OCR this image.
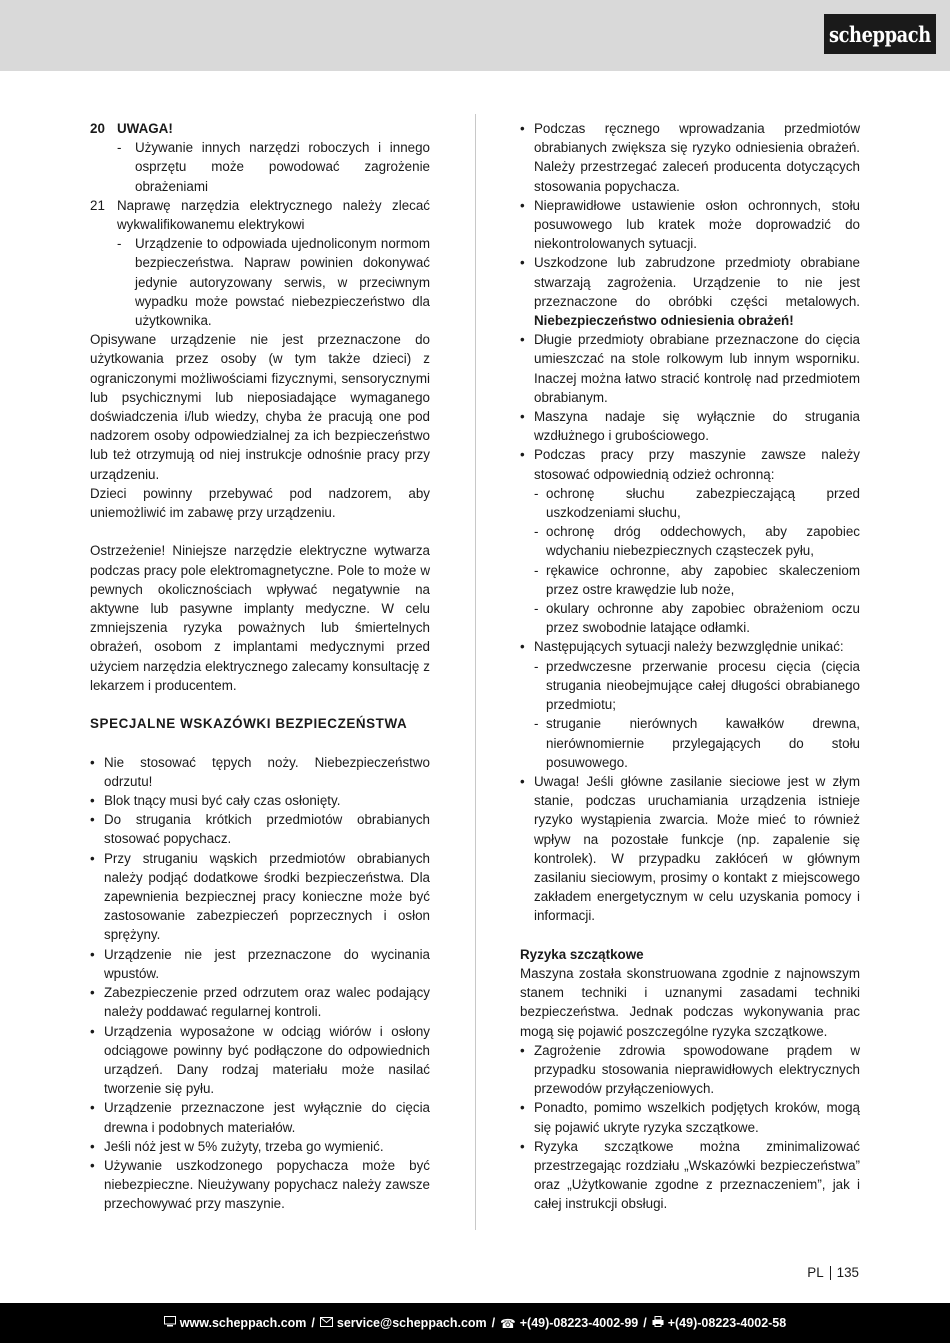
scheppach
20 UWAGA!
-	Używanie innych narzędzi roboczych i innego osprzętu może powodować zagrożenie obrażeniami
21 Naprawę narzędzia elektrycznego należy zlecać wykwalifikowanemu elektrykowi
-	Urządzenie to odpowiada ujednoliconym normom bezpieczeństwa. Napraw powinien dokonywać jedynie autoryzowany serwis, w przeciwnym wypadku może powstać niebezpieczeństwo dla użytkownika.

Opisywane urządzenie nie jest przeznaczone do użytkowania przez osoby (w tym także dzieci) z ograniczonymi możliwościami fizycznymi, sensorycznymi lub psychicznymi lub nieposiadające wymaganego doświadczenia i/lub wiedzy, chyba że pracują one pod nadzorem osoby odpowiedzialnej za ich bezpieczeństwo lub też otrzymują od niej instrukcje odnośnie pracy przy urządzeniu.

Dzieci powinny przebywać pod nadzorem, aby uniemożliwić im zabawę przy urządzeniu.

Ostrzeżenie! Niniejsze narzędzie elektryczne wytwarza podczas pracy pole elektromagnetyczne. Pole to może w pewnych okolicznościach wpływać negatywnie na aktywne lub pasywne implanty medyczne. W celu zmniejszenia ryzyka poważnych lub śmiertelnych obrażeń, osobom z implantami medycznymi przed użyciem narzędzia elektrycznego zalecamy konsultację z lekarzem i producentem.

SPECJALNE WSKAZÓWKI BEZPIECZEŃSTWA

• Nie stosować tępych noży. Niebezpieczeństwo odrzutu!
• Blok tnący musi być cały czas osłonięty.
• Do strugania krótkich przedmiotów obrabianych stosować popychacz.
• Przy struganiu wąskich przedmiotów obrabianych należy podjąć dodatkowe środki bezpieczeństwa. Dla zapewnienia bezpiecznej pracy konieczne może być zastosowanie zabezpieczeń poprzecznych i osłon sprężyny.
• Urządzenie nie jest przeznaczone do wycinania wpustów.
• Zabezpieczenie przed odrzutem oraz walec podający należy poddawać regularnej kontroli.
• Urządzenia wyposażone w odciąg wiórów i osłony odciągowe powinny być podłączone do odpowiednich urządzeń. Dany rodzaj materiału może nasilać tworzenie się pyłu.
• Urządzenie przeznaczone jest wyłącznie do cięcia drewna i podobnych materiałów.
• Jeśli nóż jest w 5% zużyty, trzeba go wymienić.
• Używanie uszkodzonego popychacza może być niebezpieczne. Nieużywany popychacz należy zawsze przechowywać przy maszynie.
• Podczas ręcznego wprowadzania przedmiotów obrabianych zwiększa się ryzyko odniesienia obrażeń. Należy przestrzegać zaleceń producenta dotyczących stosowania popychacza.
• Nieprawidłowe ustawienie osłon ochronnych, stołu posuwowego lub kratek może doprowadzić do niekontrolowanych sytuacji.
• Uszkodzone lub zabrudzone przedmioty obrabiane stwarzają zagrożenia. Urządzenie to nie jest przeznaczone do obróbki części metalowych. Niebezpieczeństwo odniesienia obrażeń!
• Długie przedmioty obrabiane przeznaczone do cięcia umieszczać na stole rolkowym lub innym wsporniku. Inaczej można łatwo stracić kontrolę nad przedmiotem obrabianym.
• Maszyna nadaje się wyłącznie do strugania wzdłużnego i grubościowego.
• Podczas pracy przy maszynie zawsze należy stosować odpowiednią odzież ochronną:
- ochronę słuchu zabezpieczającą przed uszkodzeniami słuchu,
- ochronę dróg oddechowych, aby zapobiec wdychaniu niebezpiecznych cząsteczek pyłu,
- rękawice ochronne, aby zapobiec skaleczeniom przez ostre krawędzie lub noże,
- okulary ochronne aby zapobiec obrażeniom oczu przez swobodnie latające odłamki.
• Następujących sytuacji należy bezwzględnie unikać:
- przedwczesne przerwanie procesu cięcia (cięcia strugania nieobejmujące całej długości obrabianego przedmiotu;
- struganie nierównych kawałków drewna, nierównomiernie przylegających do stołu posuwowego.
• Uwaga! Jeśli główne zasilanie sieciowe jest w złym stanie, podczas uruchamiania urządzenia istnieje ryzyko wystąpienia zwarcia. Może mieć to również wpływ na pozostałe funkcje (np. zapalenie się kontrolek). W przypadku zakłóceń w głównym zasilaniu sieciowym, prosimy o kontakt z miejscowego zakładem energetycznym w celu uzyskania pomocy i informacji.

Ryzyka szczątkowe

Maszyna została skonstruowana zgodnie z najnowszym stanem techniki i uznanymi zasadami techniki bezpieczeństwa. Jednak podczas wykonywania prac mogą się pojawić poszczególne ryzyka szczątkowe.

• Zagrożenie zdrowia spowodowane prądem w przypadku stosowania nieprawidłowych elektrycznych przewodów przyłączeniowych.
• Ponadto, pomimo wszelkich podjętych kroków, mogą się pojawić ukryte ryzyka szczątkowe.
• Ryzyka szczątkowe można zminimalizować przestrzegając rozdziału „Wskazówki bezpieczeństwa” oraz „Użytkowanie zgodne z przeznaczeniem”, jak i całej instrukcji obsługi.
PL 135
www.scheppach.com / service@scheppach.com / ☎ +(49)-08223-4002-99 / +(49)-08223-4002-58
